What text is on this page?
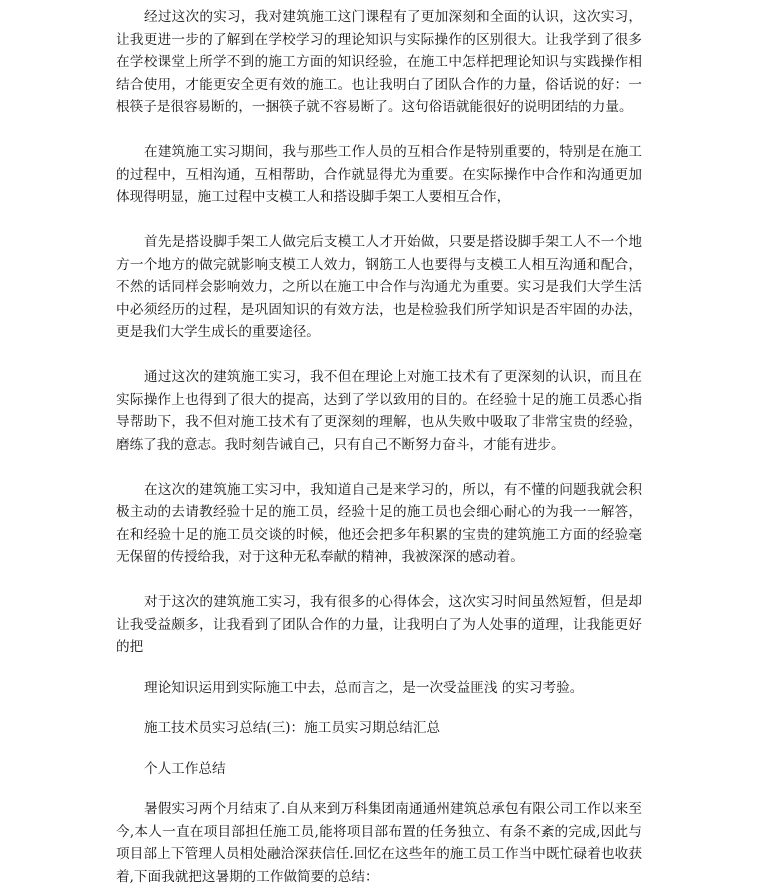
经过这次的实习，我对建筑施工这门课程有了更加深刻和全面的认识，这次实习，让我更进一步的了解到在学校学习的理论知识与实际操作的区别很大。让我学到了很多在学校课堂上所学不到的施工方面的知识经验，在施工中怎样把理论知识与实践操作相结合使用，才能更安全更有效的施工。也让我明白了团队合作的力量，俗话说的好：一根筷子是很容易断的，一捆筷子就不容易断了。这句俗语就能很好的说明团结的力量。

在建筑施工实习期间，我与那些工作人员的互相合作是特别重要的，特别是在施工的过程中，互相沟通，互相帮助，合作就显得尤为重要。在实际操作中合作和沟通更加体现得明显，施工过程中支模工人和搭设脚手架工人要相互合作，

首先是搭设脚手架工人做完后支模工人才开始做，只要是搭设脚手架工人不一个地方一个地方的做完就影响支模工人效力，钢筋工人也要得与支模工人相互沟通和配合，不然的话同样会影响效力，之所以在施工中合作与沟通尤为重要。实习是我们大学生活中必须经历的过程，是巩固知识的有效方法，也是检验我们所学知识是否牢固的办法，更是我们大学生成长的重要途径。

通过这次的建筑施工实习，我不但在理论上对施工技术有了更深刻的认识，而且在实际操作上也得到了很大的提高，达到了学以致用的目的。在经验十足的施工员悉心指导帮助下，我不但对施工技术有了更深刻的理解，也从失败中吸取了非常宝贵的经验，磨练了我的意志。我时刻告诫自己，只有自己不断努力奋斗，才能有进步。

在这次的建筑施工实习中，我知道自己是来学习的，所以，有不懂的问题我就会积极主动的去请教经验十足的施工员，经验十足的施工员也会细心耐心的为我一一解答，在和经验十足的施工员交谈的时候，他还会把多年积累的宝贵的建筑施工方面的经验毫无保留的传授给我，对于这种无私奉献的精神，我被深深的感动着。

对于这次的建筑施工实习，我有很多的心得体会，这次实习时间虽然短暂，但是却让我受益颇多，让我看到了团队合作的力量，让我明白了为人处事的道理，让我能更好的把

理论知识运用到实际施工中去，总而言之，是一次受益匪浅 的实习考验。

施工技术员实习总结(三)：施工员实习期总结汇总

个人工作总结

暑假实习两个月结束了.自从来到万科集团南通通州建筑总承包有限公司工作以来至今,本人一直在项目部担任施工员,能将项目部布置的任务独立、有条不紊的完成,因此与项目部上下管理人员相处融洽深获信任.回忆在这些年的施工员工作当中既忙碌着也收获着,下面我就把这暑期的工作做简要的总结：
